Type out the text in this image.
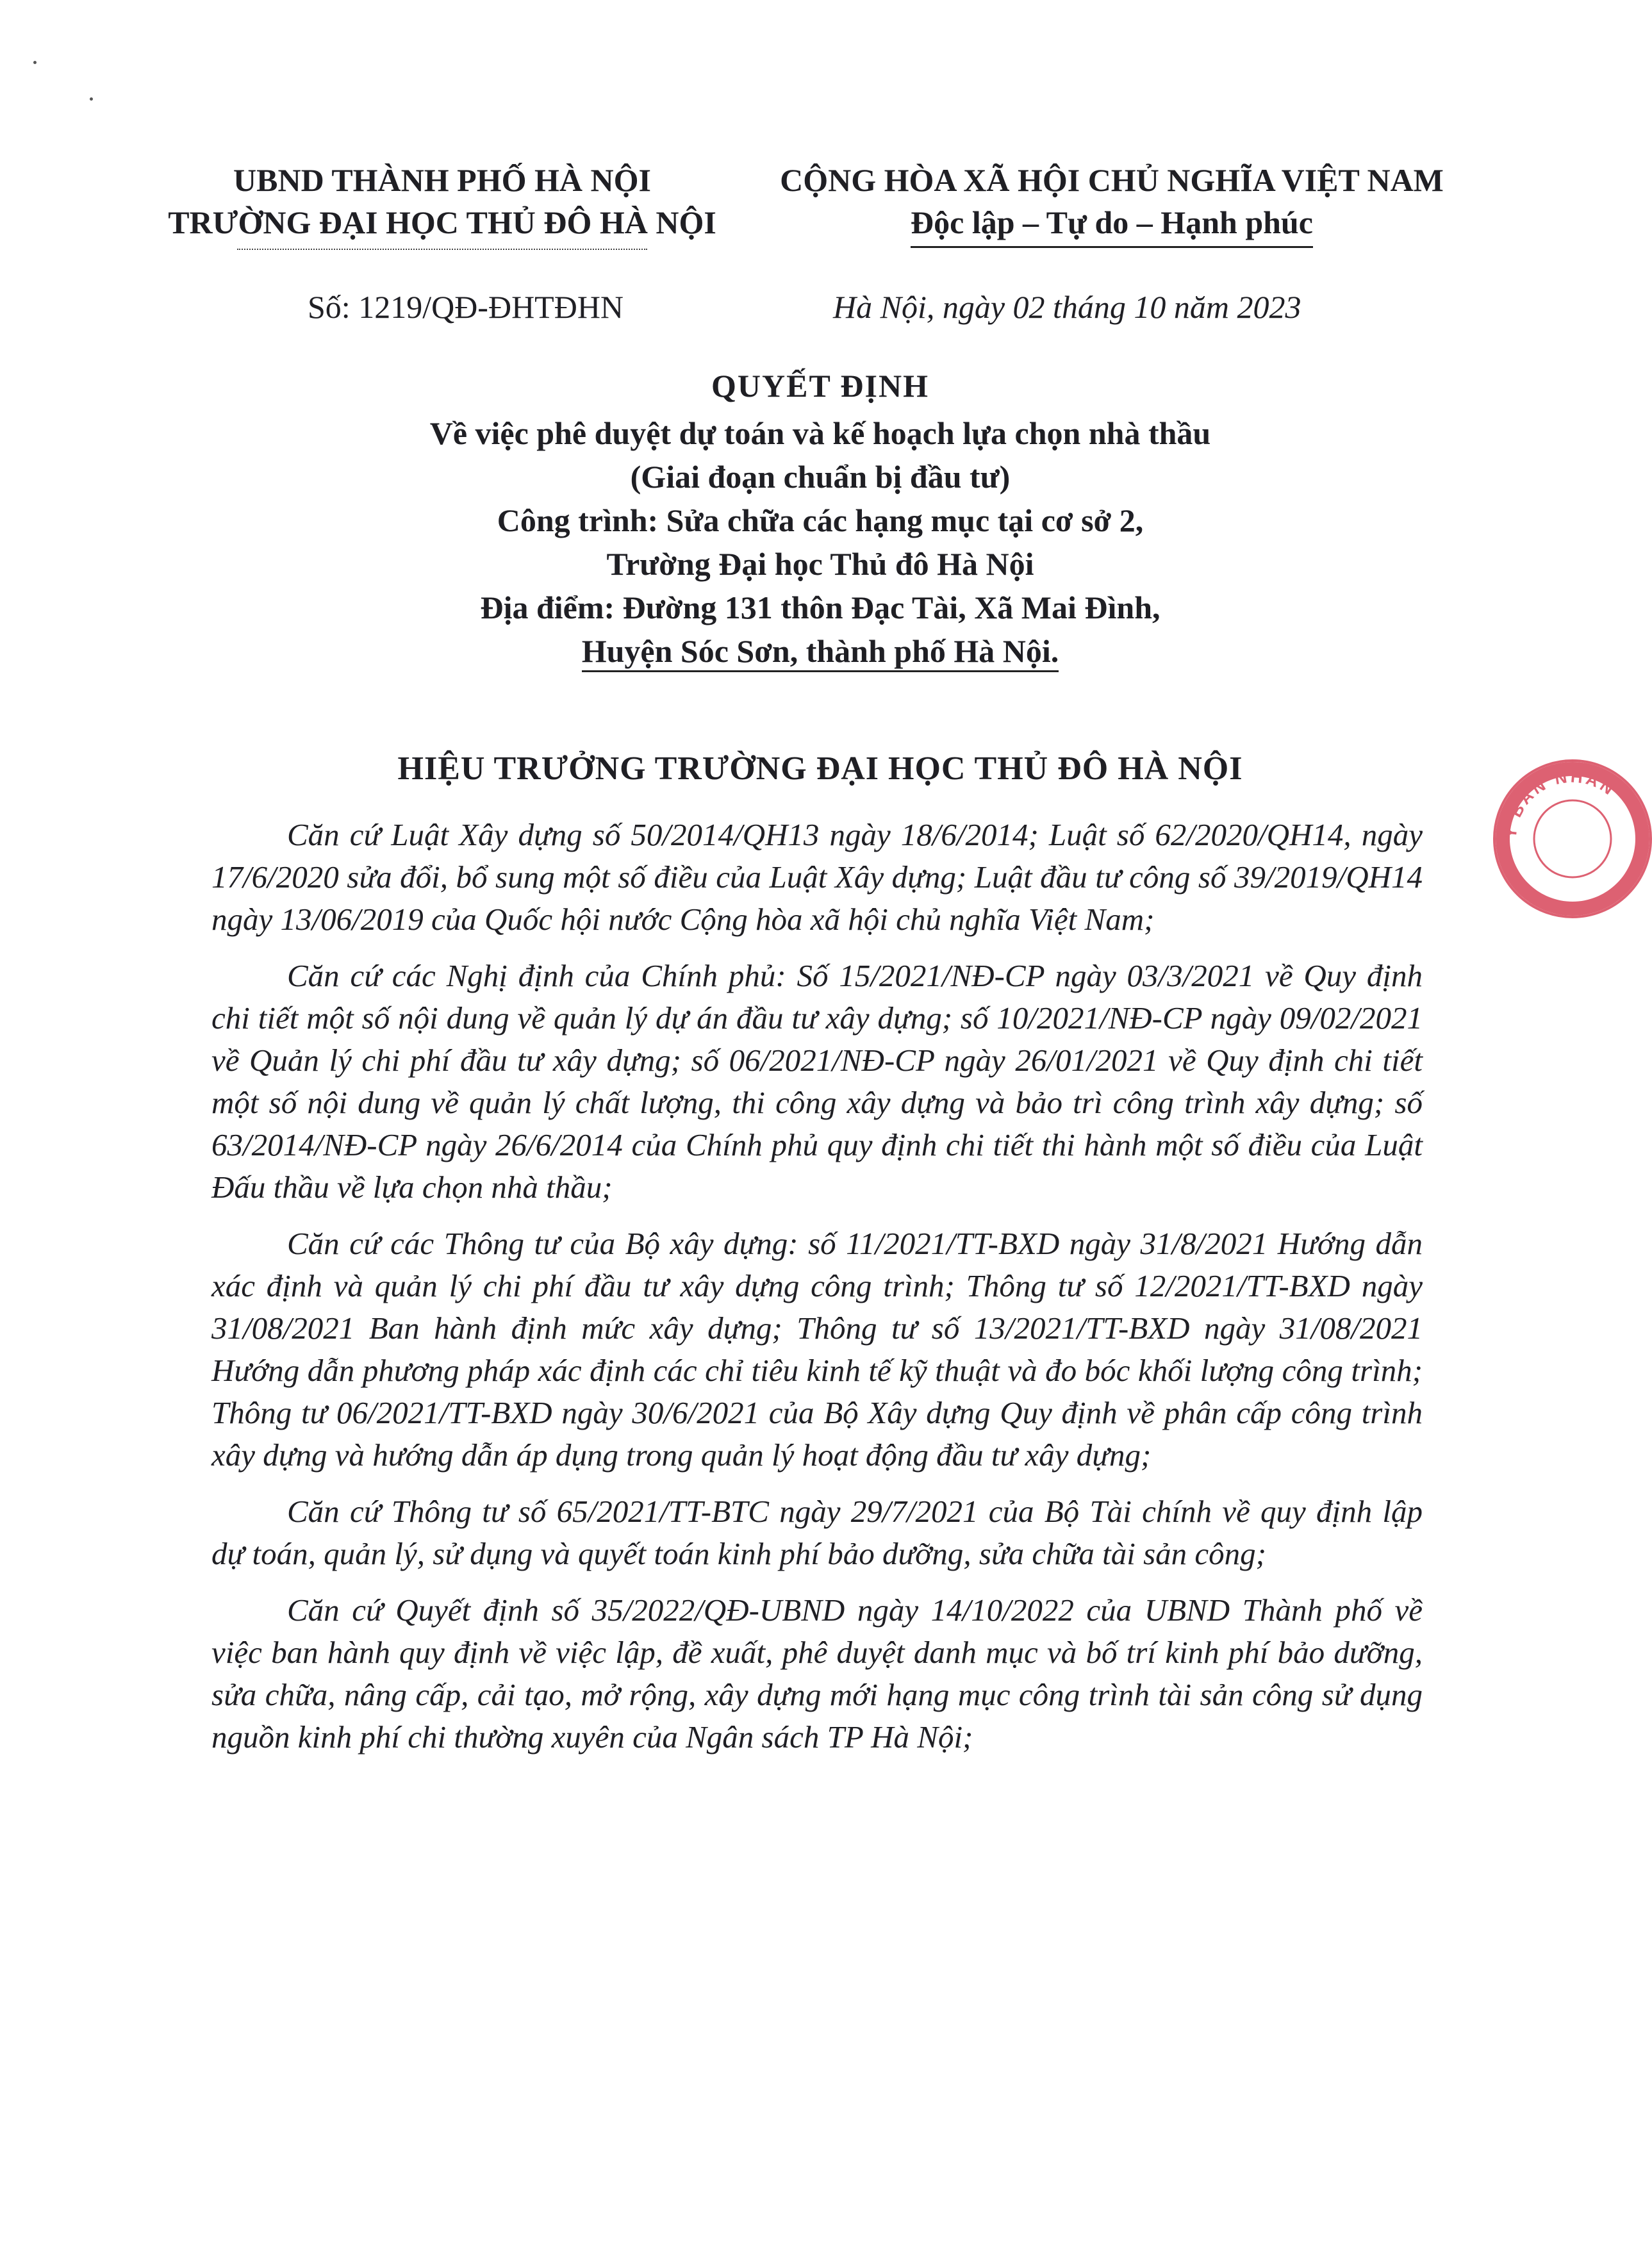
UBND THÀNH PHỐ HÀ NỘI
TRƯỜNG ĐẠI HỌC THỦ ĐÔ HÀ NỘI
CỘNG HÒA XÃ HỘI CHỦ NGHĨA VIỆT NAM
Độc lập – Tự do – Hạnh phúc
Số: 1219/QĐ-ĐHTĐHN	Hà Nội, ngày 02 tháng 10 năm 2023
QUYẾT ĐỊNH
Về việc phê duyệt dự toán và kế hoạch lựa chọn nhà thầu
(Giai đoạn chuẩn bị đầu tư)
Công trình: Sửa chữa các hạng mục tại cơ sở 2,
Trường Đại học Thủ đô Hà Nội
Địa điểm: Đường 131 thôn Đạc Tài, Xã Mai Đình,
Huyện Sóc Sơn, thành phố Hà Nội.
HIỆU TRƯỞNG TRƯỜNG ĐẠI HỌC THỦ ĐÔ HÀ NỘI

Căn cứ Luật Xây dựng số 50/2014/QH13 ngày 18/6/2014; Luật số 62/2020/QH14, ngày 17/6/2020 sửa đổi, bổ sung một số điều của Luật Xây dựng; Luật đầu tư công số 39/2019/QH14 ngày 13/06/2019 của Quốc hội nước Cộng hòa xã hội chủ nghĩa Việt Nam;

Căn cứ các Nghị định của Chính phủ: Số 15/2021/NĐ-CP ngày 03/3/2021 về Quy định chi tiết một số nội dung về quản lý dự án đầu tư xây dựng; số 10/2021/NĐ-CP ngày 09/02/2021 về Quản lý chi phí đầu tư xây dựng; số 06/2021/NĐ-CP ngày 26/01/2021 về Quy định chi tiết một số nội dung về quản lý chất lượng, thi công xây dựng và bảo trì công trình xây dựng; số 63/2014/NĐ-CP ngày 26/6/2014 của Chính phủ quy định chi tiết thi hành một số điều của Luật Đấu thầu về lựa chọn nhà thầu;

Căn cứ các Thông tư của Bộ xây dựng: số 11/2021/TT-BXD ngày 31/8/2021 Hướng dẫn xác định và quản lý chi phí đầu tư xây dựng công trình; Thông tư số 12/2021/TT-BXD ngày 31/08/2021 Ban hành định mức xây dựng; Thông tư số 13/2021/TT-BXD ngày 31/08/2021 Hướng dẫn phương pháp xác định các chỉ tiêu kinh tế kỹ thuật và đo bóc khối lượng công trình; Thông tư 06/2021/TT-BXD ngày 30/6/2021 của Bộ Xây dựng Quy định về phân cấp công trình xây dựng và hướng dẫn áp dụng trong quản lý hoạt động đầu tư xây dựng;

Căn cứ Thông tư số 65/2021/TT-BTC ngày 29/7/2021 của Bộ Tài chính về quy định lập dự toán, quản lý, sử dụng và quyết toán kinh phí bảo dưỡng, sửa chữa tài sản công;

Căn cứ Quyết định số 35/2022/QĐ-UBND ngày 14/10/2022 của UBND Thành phố về việc ban hành quy định về việc lập, đề xuất, phê duyệt danh mục và bố trí kinh phí bảo dưỡng, sửa chữa, nâng cấp, cải tạo, mở rộng, xây dựng mới hạng mục công trình tài sản công sử dụng nguồn kinh phí chi thường xuyên của Ngân sách TP Hà Nội;

Y BAN NHÂN
